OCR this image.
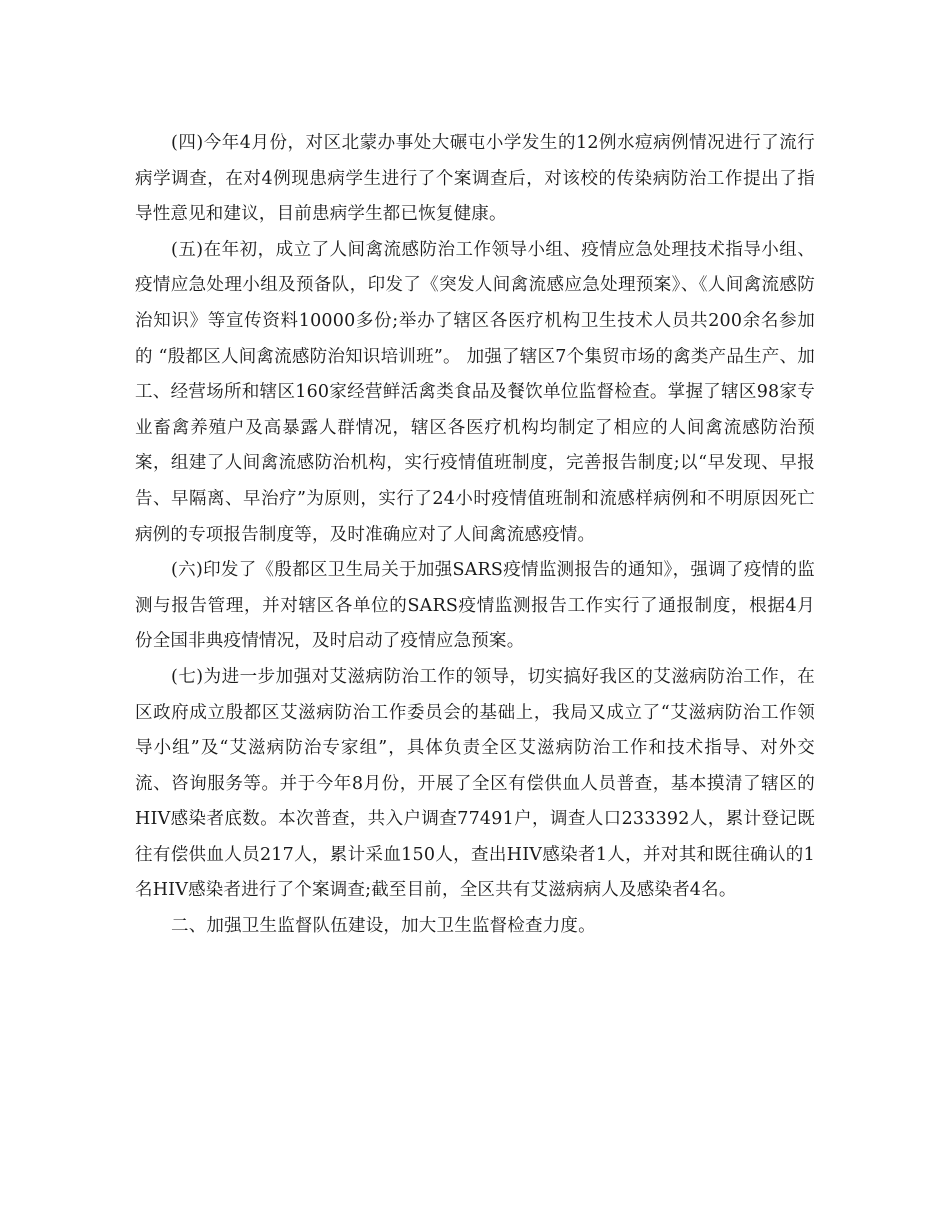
(四)今年4月份，对区北蒙办事处大碾屯小学发生的12例水痘病例情况进行了流行病学调查，在对4例现患病学生进行了个案调查后，对该校的传染病防治工作提出了指导性意见和建议，目前患病学生都已恢复健康。

(五)在年初，成立了人间禽流感防治工作领导小组、疫情应急处理技术指导小组、疫情应急处理小组及预备队，印发了《突发人间禽流感应急处理预案》、《人间禽流感防治知识》等宣传资料10000多份;举办了辖区各医疗机构卫生技术人员共200余名参加的 “殷都区人间禽流感防治知识培训班”。 加强了辖区7个集贸市场的禽类产品生产、加工、经营场所和辖区160家经营鲜活禽类食品及餐饮单位监督检查。掌握了辖区98家专业畜禽养殖户及高暴露人群情况，辖区各医疗机构均制定了相应的人间禽流感防治预案，组建了人间禽流感防治机构，实行疫情值班制度，完善报告制度;以“早发现、早报告、早隔离、早治疗”为原则，实行了24小时疫情值班制和流感样病例和不明原因死亡病例的专项报告制度等，及时准确应对了人间禽流感疫情。

(六)印发了《殷都区卫生局关于加强SARS疫情监测报告的通知》，强调了疫情的监测与报告管理，并对辖区各单位的SARS疫情监测报告工作实行了通报制度，根据4月份全国非典疫情情况，及时启动了疫情应急预案。

(七)为进一步加强对艾滋病防治工作的领导，切实搞好我区的艾滋病防治工作，在区政府成立殷都区艾滋病防治工作委员会的基础上，我局又成立了“艾滋病防治工作领导小组”及“艾滋病防治专家组”，具体负责全区艾滋病防治工作和技术指导、对外交流、咨询服务等。并于今年8月份，开展了全区有偿供血人员普查，基本摸清了辖区的HIV感染者底数。本次普查，共入户调查77491户，调查人口233392人，累计登记既往有偿供血人员217人，累计采血150人，查出HIV感染者1人，并对其和既往确认的1名HIV感染者进行了个案调查;截至目前，全区共有艾滋病病人及感染者4名。

二、加强卫生监督队伍建设，加大卫生监督检查力度。
